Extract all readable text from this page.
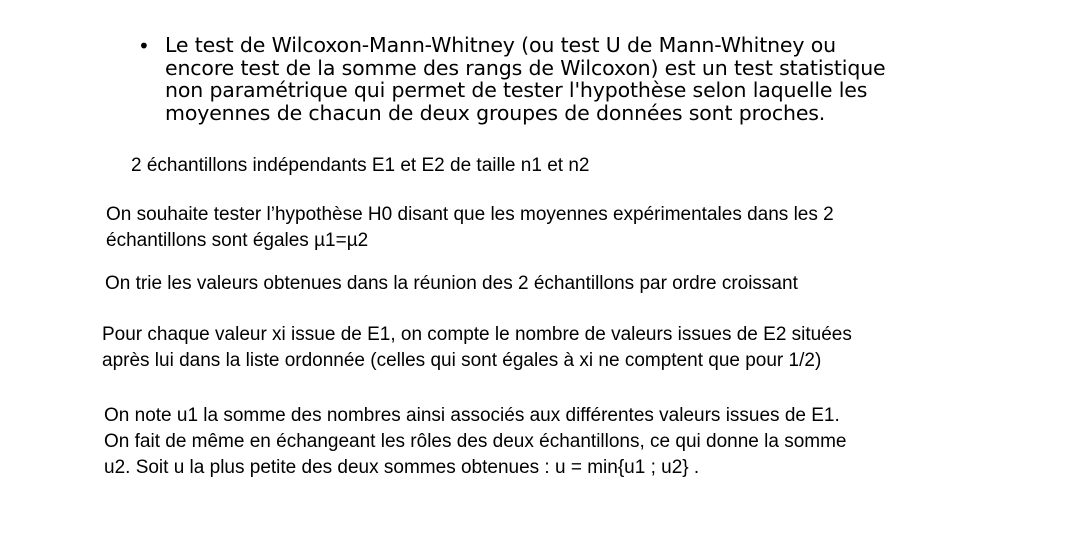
• Le test de Wilcoxon-Mann-Whitney (ou test U de Mann-Whitney ou
encore test de la somme des rangs de Wilcoxon) est un test statistique
non paramétrique qui permet de tester l'hypothèse selon laquelle les
moyennes de chacun de deux groupes de données sont proches.
2 échantillons indépendants E1 et E2 de taille n1 et n2
On souhaite tester l’hypothèse H0 disant que les moyennes expérimentales dans les 2
échantillons sont égales µ1=µ2
On trie les valeurs obtenues dans la réunion des 2 échantillons par ordre croissant
Pour chaque valeur xi issue de E1, on compte le nombre de valeurs issues de E2 situées
après lui dans la liste ordonnée (celles qui sont égales à xi ne comptent que pour 1/2)
On note u1 la somme des nombres ainsi associés aux différentes valeurs issues de E1.
On fait de même en échangeant les rôles des deux échantillons, ce qui donne la somme
u2. Soit u la plus petite des deux sommes obtenues : u = min{u1 ; u2} .
